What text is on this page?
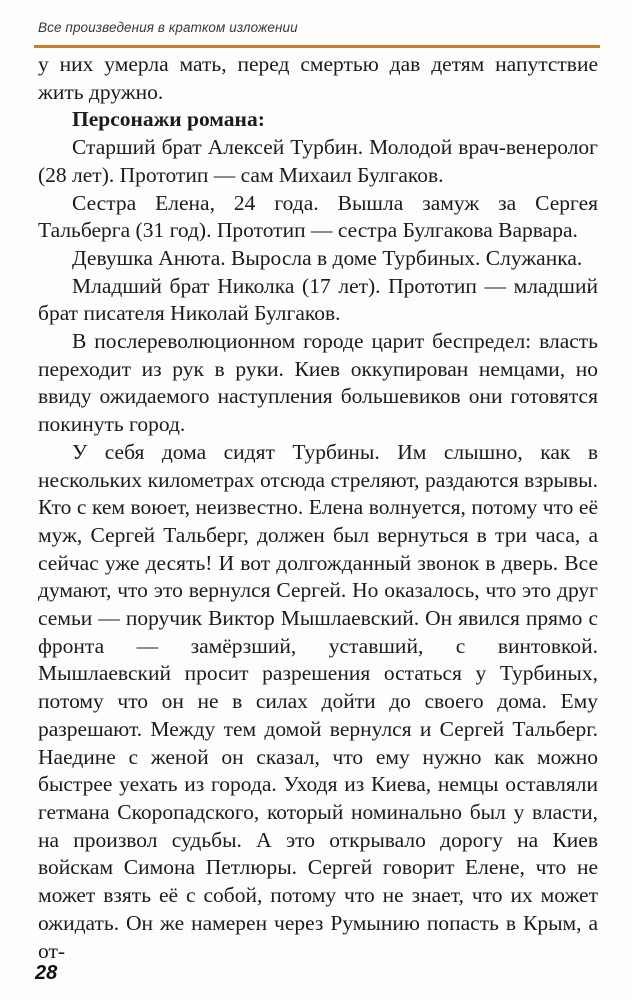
Все произведения в кратком изложении

у них умерла мать, перед смертью дав детям напутствие жить дружно.

Персонажи романа:

Старший брат Алексей Турбин. Молодой врач-венеролог (28 лет). Прототип — сам Михаил Булгаков.

Сестра Елена, 24 года. Вышла замуж за Сергея Тальберга (31 год). Прототип — сестра Булгакова Варвара.

Девушка Анюта. Выросла в доме Турбиных. Служанка.

Младший брат Николка (17 лет). Прототип — младший брат писателя Николай Булгаков.

В послереволюционном городе царит беспредел: власть переходит из рук в руки. Киев оккупирован немцами, но ввиду ожидаемого наступления большевиков они готовятся покинуть город.

У себя дома сидят Турбины. Им слышно, как в нескольких километрах отсюда стреляют, раздаются взрывы. Кто с кем воюет, неизвестно. Елена волнуется, потому что её муж, Сергей Тальберг, должен был вернуться в три часа, а сейчас уже десять! И вот долгожданный звонок в дверь. Все думают, что это вернулся Сергей. Но оказалось, что это друг семьи — поручик Виктор Мышлаевский. Он явился прямо с фронта — замёрзший, уставший, с винтовкой. Мышлаевский просит разрешения остаться у Турбиных, потому что он не в силах дойти до своего дома. Ему разрешают. Между тем домой вернулся и Сергей Тальберг. Наедине с женой он сказал, что ему нужно как можно быстрее уехать из города. Уходя из Киева, немцы оставляли гетмана Скоропадского, который номинально был у власти, на произвол судьбы. А это открывало дорогу на Киев войскам Симона Петлюры. Сергей говорит Елене, что не может взять её с собой, потому что не знает, что их может ожидать. Он же намерен через Румынию попасть в Крым, а от-

28
